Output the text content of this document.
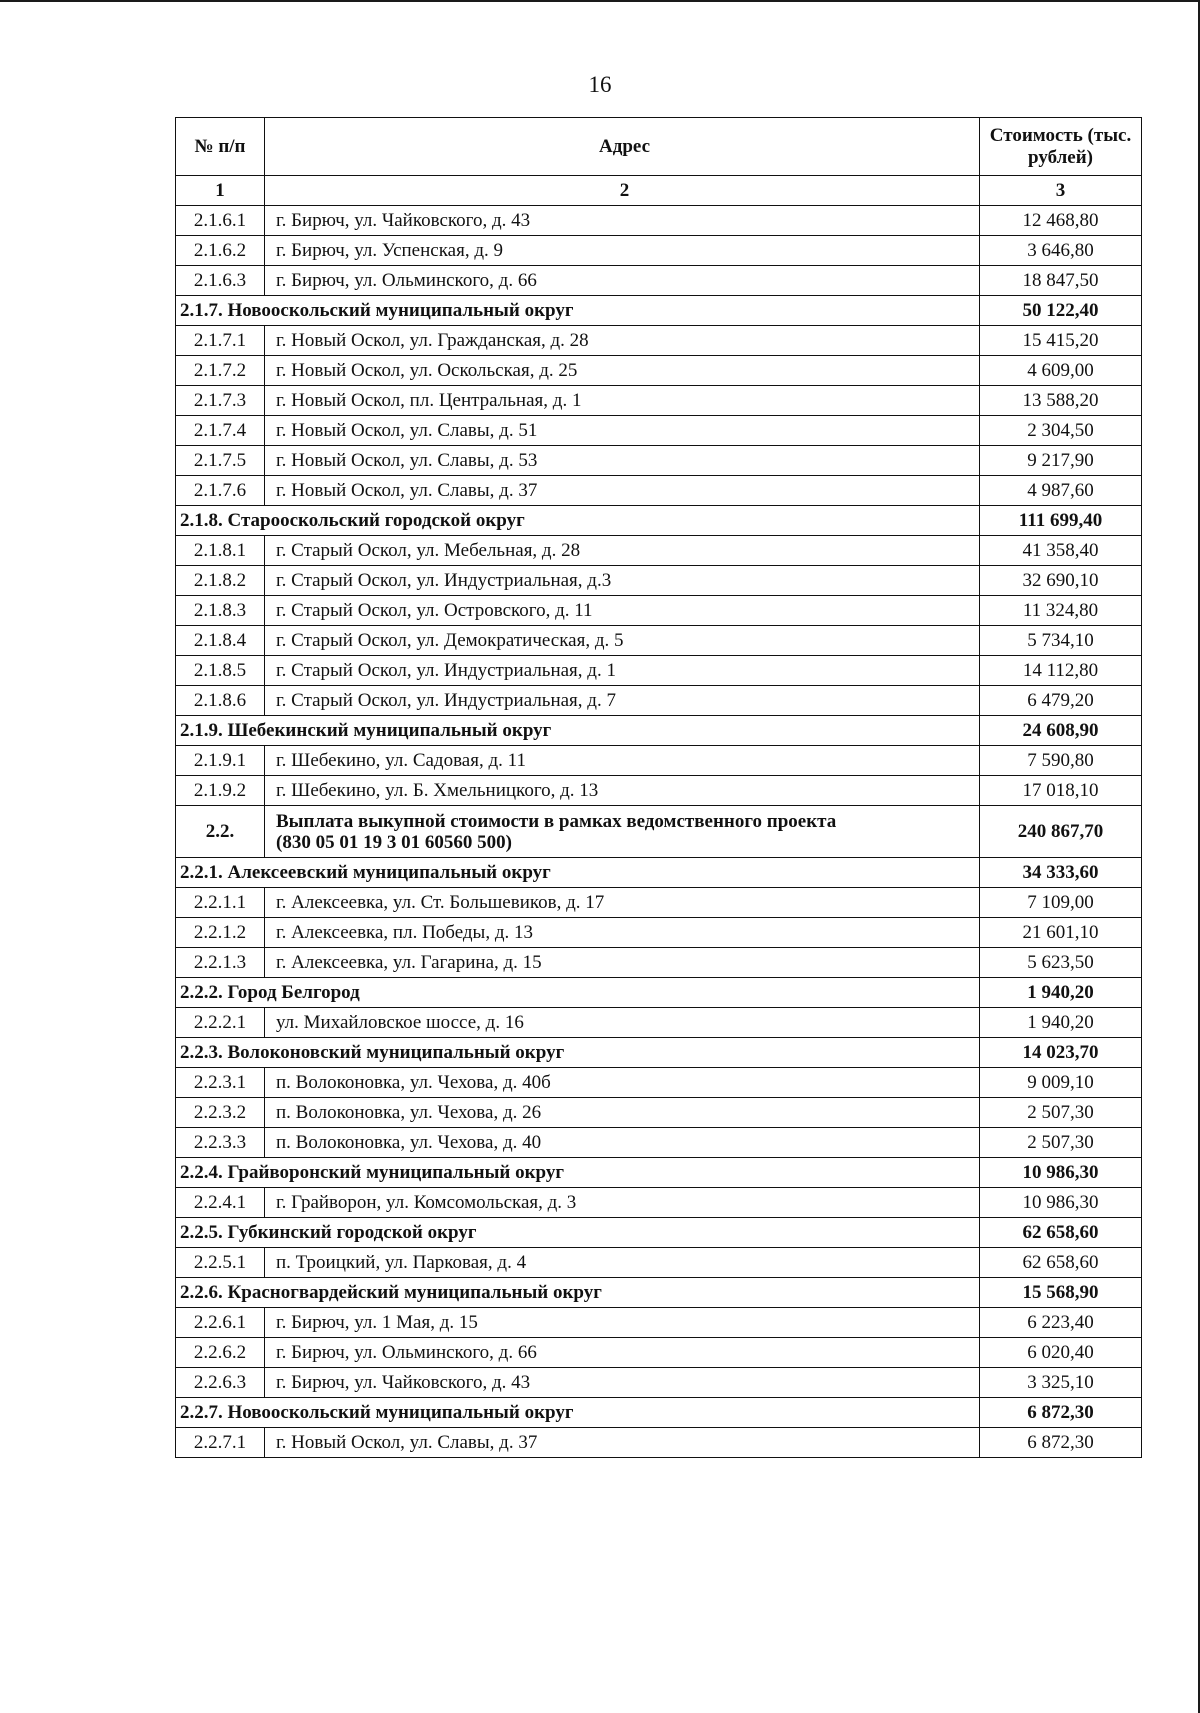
16
№ п/п	Адрес	Стоимость (тыс. рублей)
1	2	3
2.1.6.1	г. Бирюч, ул. Чайковского, д. 43	12 468,80
2.1.6.2	г. Бирюч, ул. Успенская, д. 9	3 646,80
2.1.6.3	г. Бирюч, ул. Ольминского, д. 66	18 847,50
2.1.7. Новооскольский муниципальный округ		50 122,40
2.1.7.1	г. Новый Оскол, ул. Гражданская, д. 28	15 415,20
2.1.7.2	г. Новый Оскол, ул. Оскольская, д. 25	4 609,00
2.1.7.3	г. Новый Оскол, пл. Центральная, д. 1	13 588,20
2.1.7.4	г. Новый Оскол, ул. Славы, д. 51	2 304,50
2.1.7.5	г. Новый Оскол, ул. Славы, д. 53	9 217,90
2.1.7.6	г. Новый Оскол, ул. Славы, д. 37	4 987,60
2.1.8. Старооскольский городской округ		111 699,40
2.1.8.1	г. Старый Оскол, ул. Мебельная, д. 28	41 358,40
2.1.8.2	г. Старый Оскол, ул. Индустриальная, д.3	32 690,10
2.1.8.3	г. Старый Оскол, ул. Островского, д. 11	11 324,80
2.1.8.4	г. Старый Оскол, ул. Демократическая, д. 5	5 734,10
2.1.8.5	г. Старый Оскол, ул. Индустриальная, д. 1	14 112,80
2.1.8.6	г. Старый Оскол, ул. Индустриальная, д. 7	6 479,20
2.1.9. Шебекинский муниципальный округ		24 608,90
2.1.9.1	г. Шебекино, ул. Садовая, д. 11	7 590,80
2.1.9.2	г. Шебекино, ул. Б. Хмельницкого, д. 13	17 018,10
2.2.	Выплата выкупной стоимости в рамках ведомственного проекта
(830 05 01 19 3 01 60560 500)	240 867,70
2.2.1. Алексеевский муниципальный округ		34 333,60
2.2.1.1	г. Алексеевка, ул. Ст. Большевиков, д. 17	7 109,00
2.2.1.2	г. Алексеевка, пл. Победы, д. 13	21 601,10
2.2.1.3	г. Алексеевка, ул. Гагарина, д. 15	5 623,50
2.2.2. Город Белгород		1 940,20
2.2.2.1	ул. Михайловское шоссе, д. 16	1 940,20
2.2.3. Волоконовский муниципальный округ		14 023,70
2.2.3.1	п. Волоконовка, ул. Чехова, д. 40б	9 009,10
2.2.3.2	п. Волоконовка, ул. Чехова, д. 26	2 507,30
2.2.3.3	п. Волоконовка, ул. Чехова, д. 40	2 507,30
2.2.4. Грайворонский муниципальный округ		10 986,30
2.2.4.1	г. Грайворон, ул. Комсомольская, д. 3	10 986,30
2.2.5. Губкинский городской округ		62 658,60
2.2.5.1	п. Троицкий, ул. Парковая, д. 4	62 658,60
2.2.6. Красногвардейский муниципальный округ		15 568,90
2.2.6.1	г. Бирюч, ул. 1 Мая, д. 15	6 223,40
2.2.6.2	г. Бирюч, ул. Ольминского, д. 66	6 020,40
2.2.6.3	г. Бирюч, ул. Чайковского, д. 43	3 325,10
2.2.7. Новооскольский муниципальный округ		6 872,30
2.2.7.1	г. Новый Оскол, ул. Славы, д. 37	6 872,30
